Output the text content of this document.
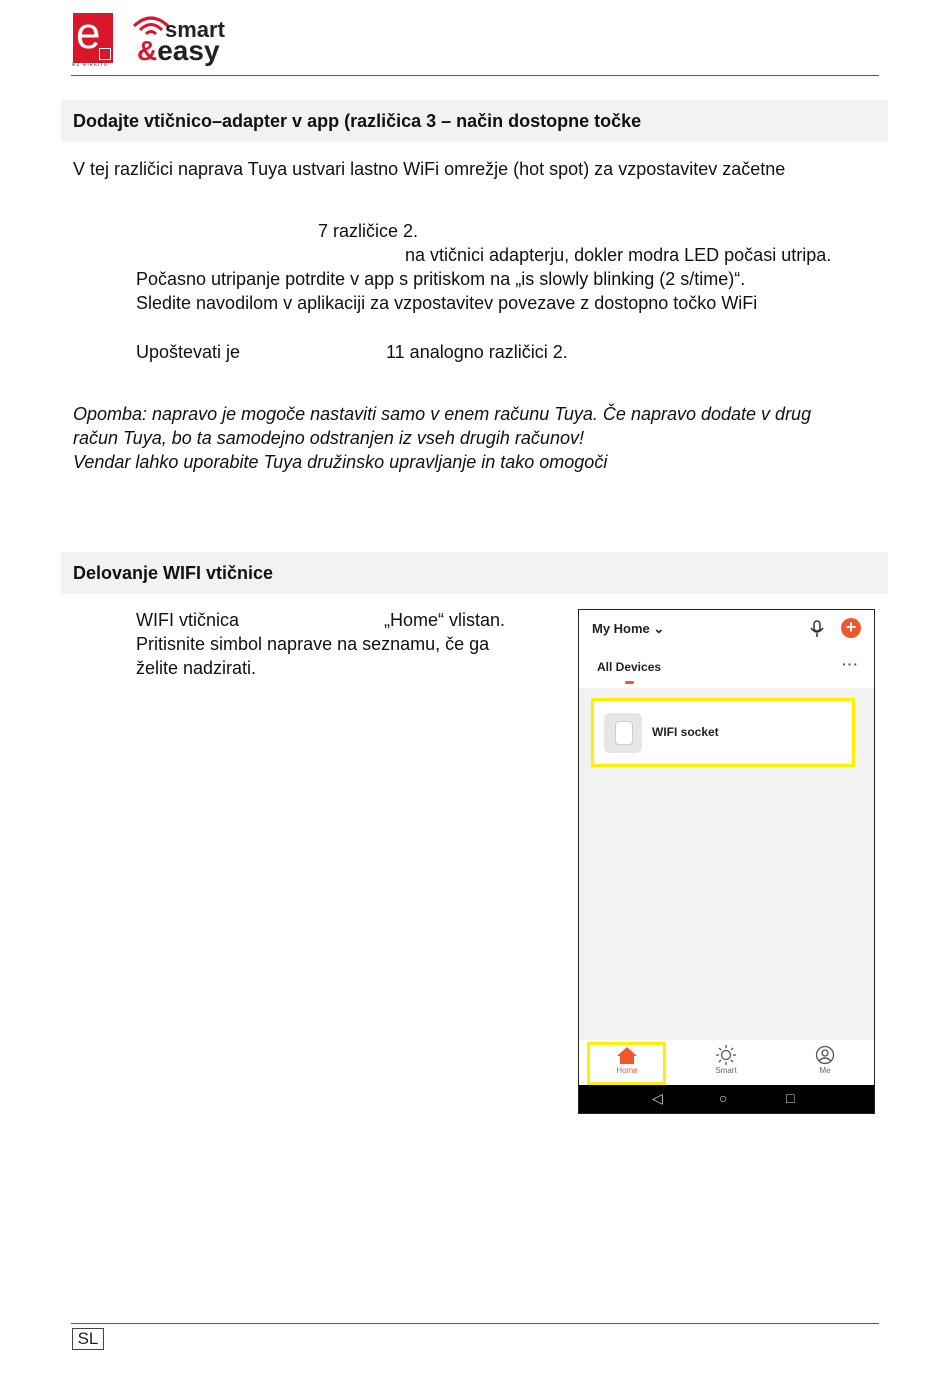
e
ez elektro
smart
&easy
Dodajte vtičnico–adapter v app (različica 3 – način dostopne točke
V tej različici naprava Tuya ustvari lastno WiFi omrežje (hot spot) za vzpostavitev začetne
7 različice 2.
na vtičnici adapterju, dokler modra LED počasi utripa.
Počasno utripanje potrdite v app s pritiskom na „is slowly blinking (2 s/time)“.
Sledite navodilom v aplikaciji za vzpostavitev povezave z dostopno točko WiFi
Upoštevati je	11 analogno različici 2.
Opomba: napravo je mogoče nastaviti samo v enem računu Tuya. Če napravo dodate v drug
račun Tuya, bo ta samodejno odstranjen iz vseh drugih računov!
Vendar lahko uporabite Tuya družinsko upravljanje in tako omogoči
Delovanje WIFI vtičnice
WIFI vtičnica	„Home“ vlistan.
Pritisnite simbol naprave na seznamu, če ga
želite nadzirati.
My Home ⌄	+
All Devices	···
WIFI socket
Home	Smart	Me
◁	○	□
SL
